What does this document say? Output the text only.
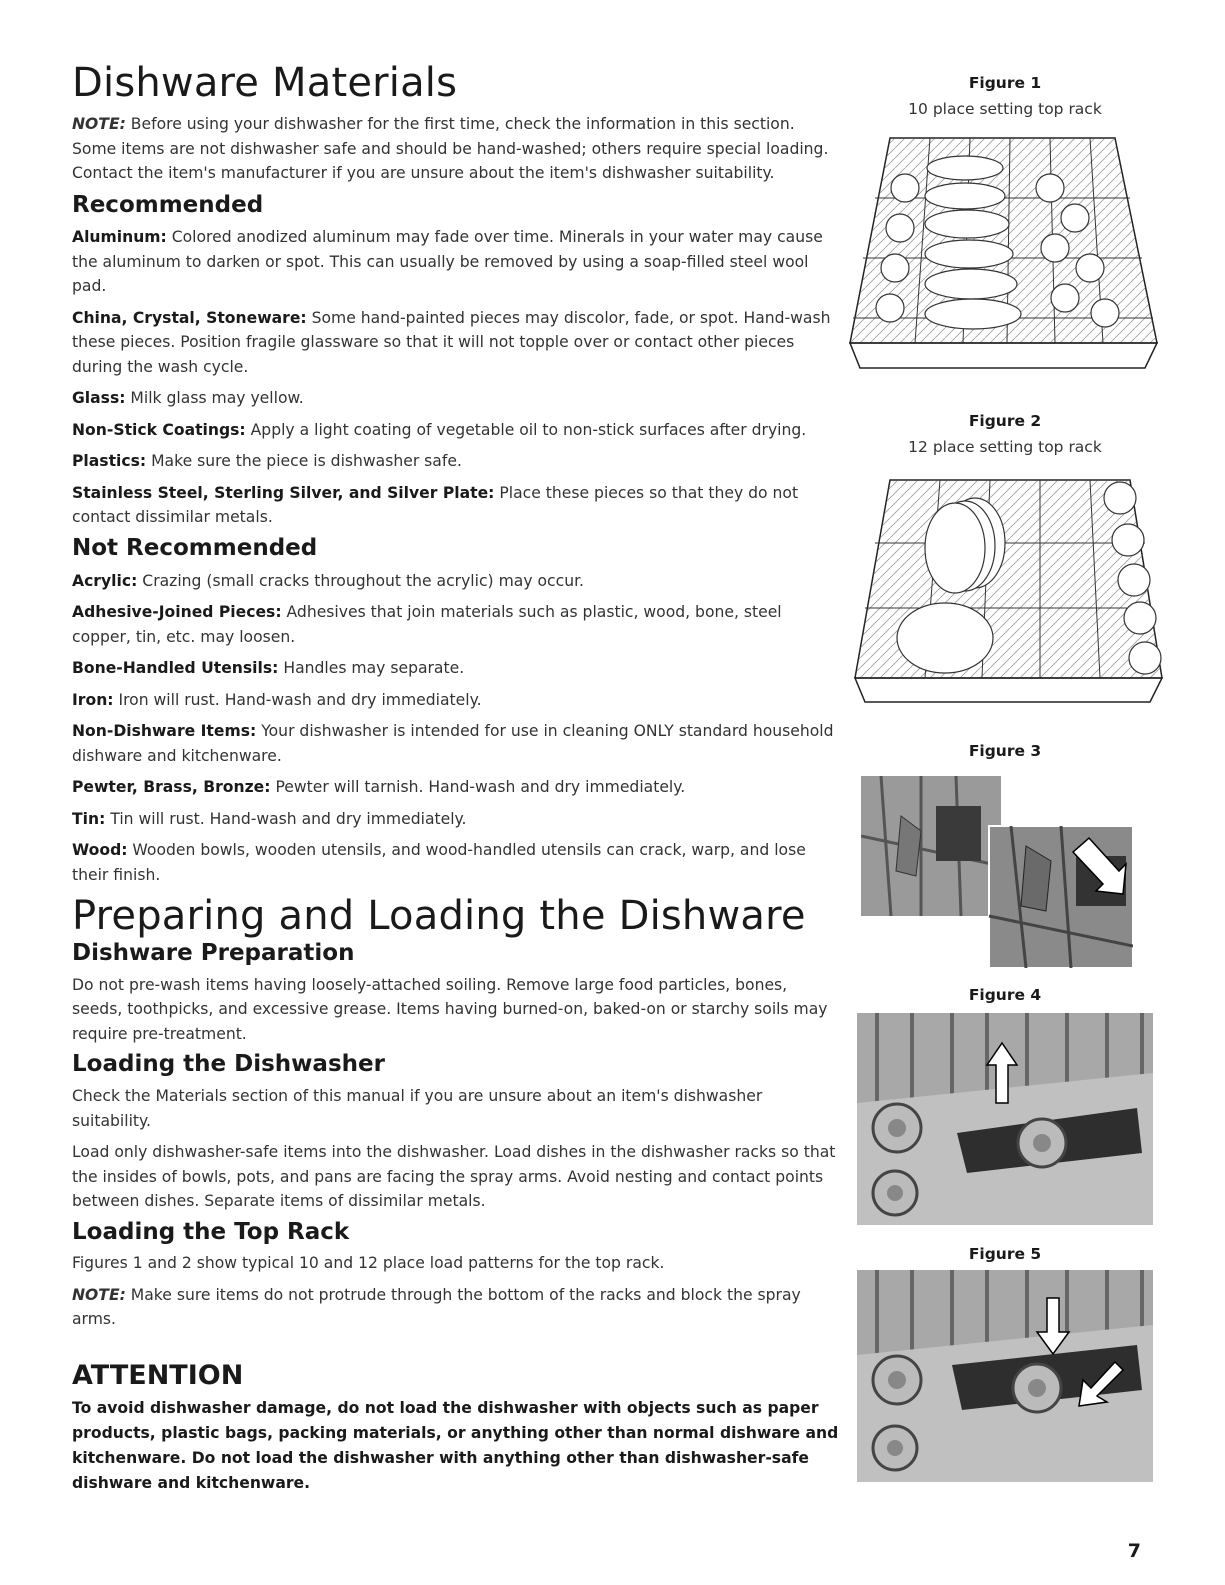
Dishware Materials

NOTE: Before using your dishwasher for the first time, check the information in this section. Some items are not dishwasher safe and should be hand-washed; others require special loading. Contact the item's manufacturer if you are unsure about the item's dishwasher suitability.

Recommended

Aluminum: Colored anodized aluminum may fade over time. Minerals in your water may cause the aluminum to darken or spot. This can usually be removed by using a soap-filled steel wool pad.

China, Crystal, Stoneware: Some hand-painted pieces may discolor, fade, or spot. Hand-wash these pieces. Position fragile glassware so that it will not topple over or contact other pieces during the wash cycle.

Glass: Milk glass may yellow.

Non-Stick Coatings: Apply a light coating of vegetable oil to non-stick surfaces after drying.

Plastics: Make sure the piece is dishwasher safe.

Stainless Steel, Sterling Silver, and Silver Plate: Place these pieces so that they do not contact dissimilar metals.

Not Recommended

Acrylic: Crazing (small cracks throughout the acrylic) may occur.

Adhesive-Joined Pieces: Adhesives that join materials such as plastic, wood, bone, steel copper, tin, etc. may loosen.

Bone-Handled Utensils: Handles may separate.

Iron: Iron will rust. Hand-wash and dry immediately.

Non-Dishware Items: Your dishwasher is intended for use in cleaning ONLY standard household dishware and kitchenware.

Pewter, Brass, Bronze: Pewter will tarnish. Hand-wash and dry immediately.

Tin: Tin will rust. Hand-wash and dry immediately.

Wood: Wooden bowls, wooden utensils, and wood-handled utensils can crack, warp, and lose their finish.

Preparing and Loading the Dishware
Dishware Preparation

Do not pre-wash items having loosely-attached soiling. Remove large food particles, bones, seeds, toothpicks, and excessive grease. Items having burned-on, baked-on or starchy soils may require pre-treatment.

Loading the Dishwasher

Check the Materials section of this manual if you are unsure about an item's dishwasher suitability.

Load only dishwasher-safe items into the dishwasher. Load dishes in the dishwasher racks so that the insides of bowls, pots, and pans are facing the spray arms. Avoid nesting and contact points between dishes. Separate items of dissimilar metals.

Loading the Top Rack

Figures 1 and 2 show typical 10 and 12 place load patterns for the top rack.

NOTE: Make sure items do not protrude through the bottom of the racks and block the spray arms.

ATTENTION

To avoid dishwasher damage, do not load the dishwasher with objects such as paper products, plastic bags, packing materials, or anything other than normal dishware and kitchenware. Do not load the dishwasher with anything other than dishwasher-safe dishware and kitchenware.

Figure 1
10 place setting top rack
Figure 2
12 place setting top rack
Figure 3
Figure 4
Figure 5
7
